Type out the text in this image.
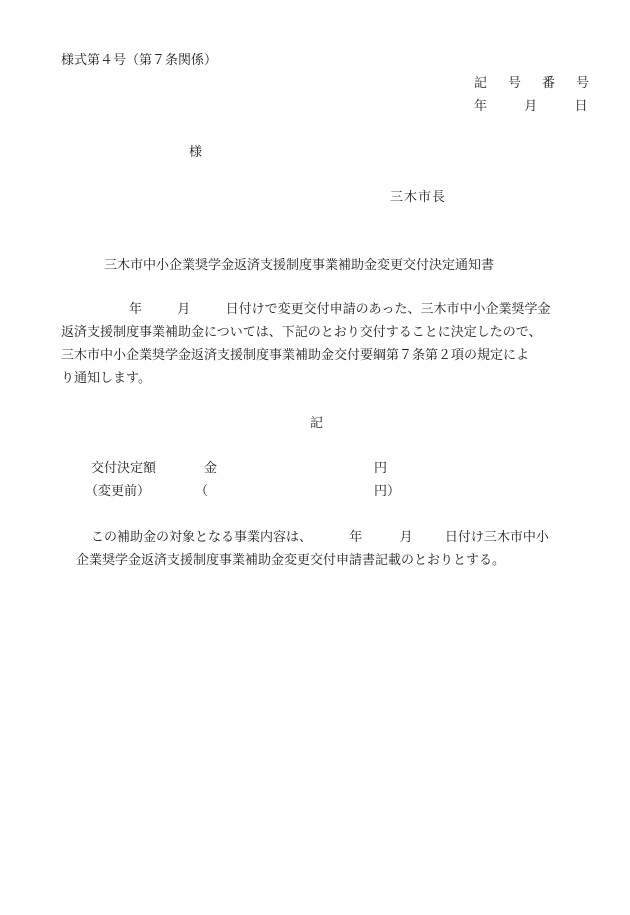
様式第４号（第７条関係）
記　号　番　号
年	月	日
様
三木市長
三木市中小企業奨学金返済支援制度事業補助金変更交付決定通知書
年	月	日付けで変更交付申請のあった、三木市中小企業奨学金
返済支援制度事業補助金については、下記のとおり交付することに決定したので、
三木市中小企業奨学金返済支援制度事業補助金交付要綱第７条第２項の規定によ
り通知します。
記
交付決定額	金	円
（変更前）	（	円）
この補助金の対象となる事業内容は、	年	月 日付け三木市中小
企業奨学金返済支援制度事業補助金変更交付申請書記載のとおりとする。
